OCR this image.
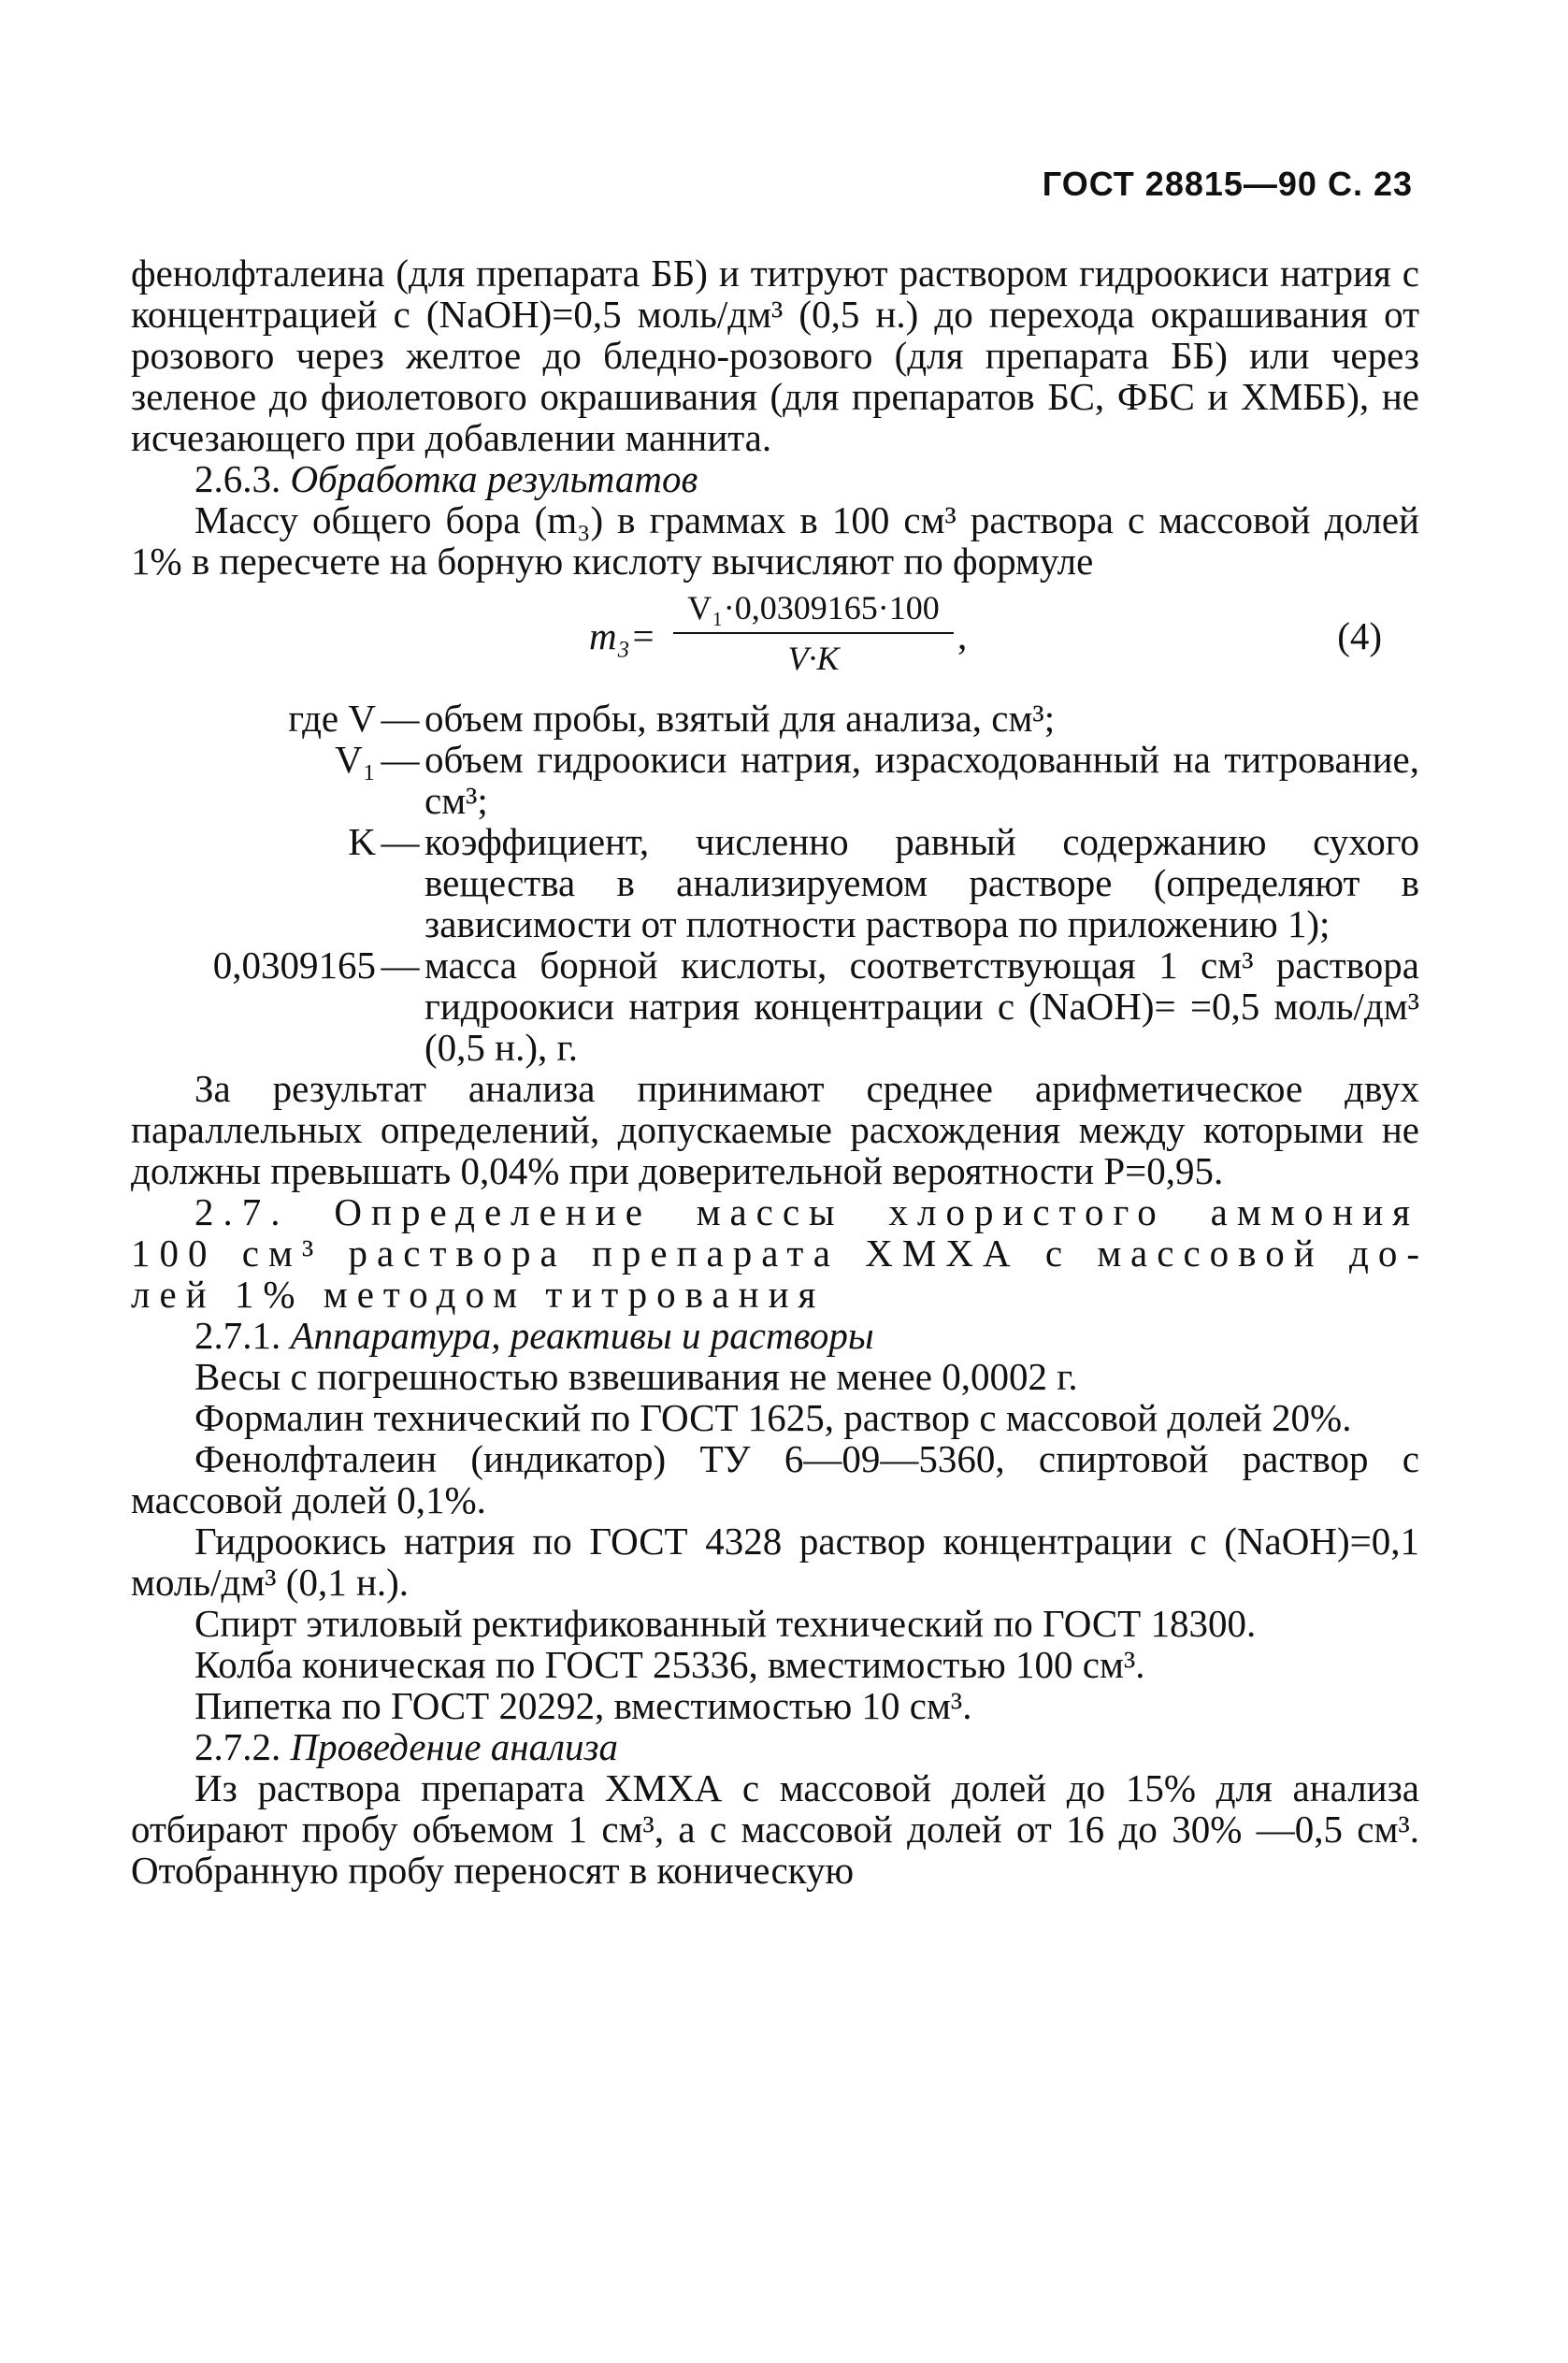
ГОСТ 28815—90 С. 23

фенолфталеина (для препарата ББ) и титруют раствором гидроокиси натрия с концентрацией c (NaOH)=0,5 моль/дм³ (0,5 н.) до перехода окрашивания от розового через желтое до бледно-розового (для препарата ББ) или через зеленое до фиолетового окрашивания (для препаратов БС, ФБС и ХМББ), не исчезающего при добавлении маннита.

2.6.3. Обработка результатов

Массу общего бора (m₃) в граммах в 100 см³ раствора с массовой долей 1% в пересчете на борную кислоту вычисляют по формуле

$m_3= \frac{\text{V₁·0,0309165·100}}{V\cdot K}$ ,	(4)
где V — объем пробы, взятый для анализа, см³;
V₁ — объем гидроокиси натрия, израсходованный на титрование, см³;
K — коэффициент, численно равный содержанию сухого вещества в анализируемом растворе (определяют в зависимости от плотности раствора по приложению 1);
0,0309165 — масса борной кислоты, соответствующая 1 см³ раствора гидроокиси натрия концентрации c (NaOH)= =0,5 моль/дм³ (0,5 н.), г.

За результат анализа принимают среднее арифметическое двух параллельных определений, допускаемые расхождения между которыми не должны превышать 0,04% при доверительной вероятности P=0,95.

2.7. Определение массы хлористого аммония 100 см³ раствора препарата ХМХА с массовой долей 1% методом титрования

2.7.1. Аппаратура, реактивы и растворы

Весы с погрешностью взвешивания не менее 0,0002 г.

Формалин технический по ГОСТ 1625, раствор с массовой долей 20%.

Фенолфталеин (индикатор) ТУ 6—09—5360, спиртовой раствор с массовой долей 0,1%.

Гидроокись натрия по ГОСТ 4328 раствор концентрации c (NaOH)=0,1 моль/дм³ (0,1 н.).

Спирт этиловый ректификованный технический по ГОСТ 18300.

Колба коническая по ГОСТ 25336, вместимостью 100 см³.

Пипетка по ГОСТ 20292, вместимостью 10 см³.

2.7.2. Проведение анализа

Из раствора препарата ХМХА с массовой долей до 15% для анализа отбирают пробу объемом 1 см³, а с массовой долей от 16 до 30% —0,5 см³. Отобранную пробу переносят в коническую
